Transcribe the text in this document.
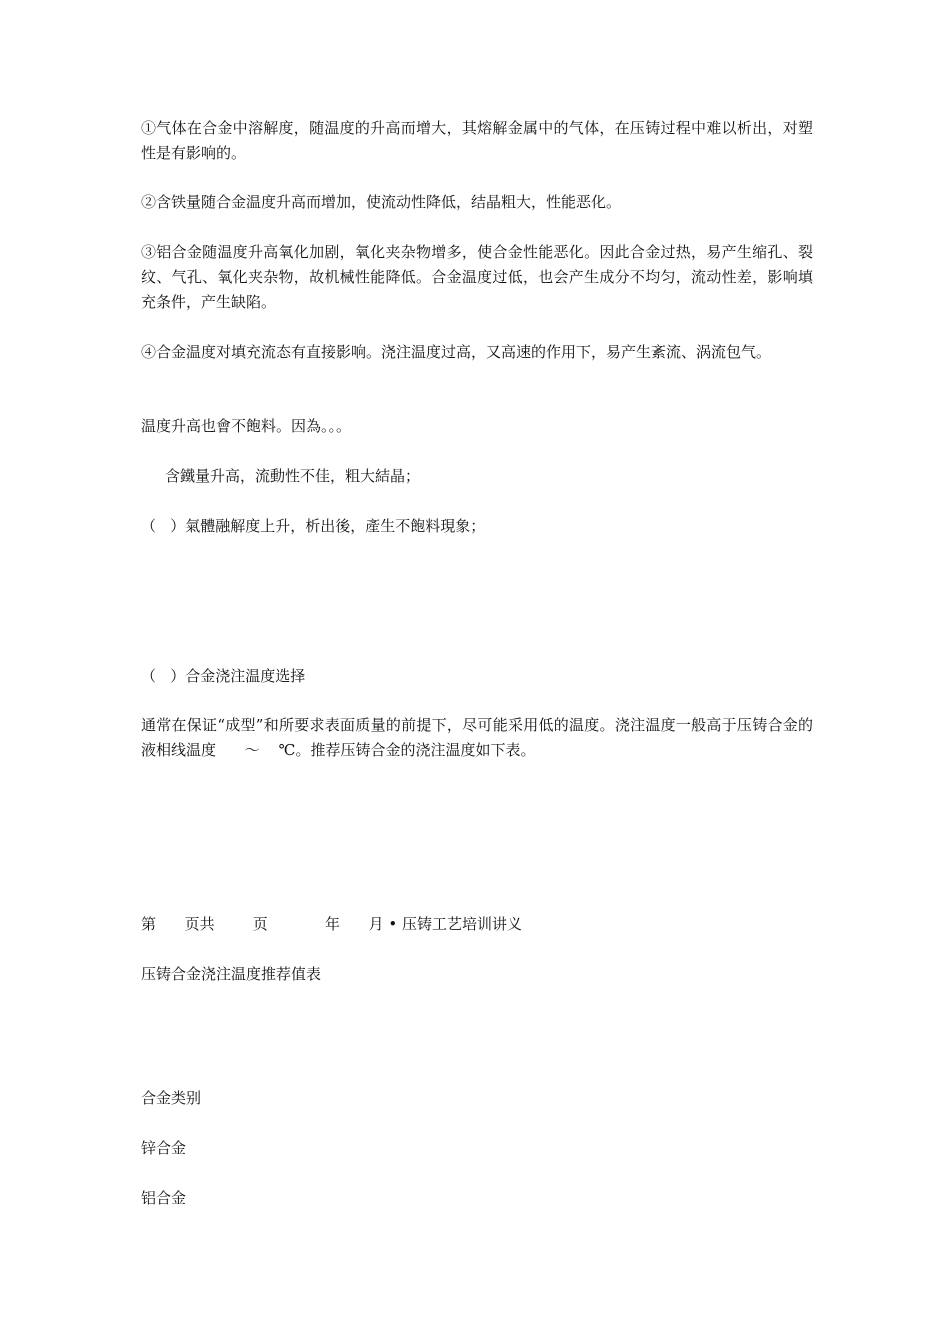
①气体在合金中溶解度，随温度的升高而增大，其熔解金属中的气体，在压铸过程中难以析出，对塑性是有影响的。

②含铁量随合金温度升高而增加，使流动性降低，结晶粗大，性能恶化。

③铝合金随温度升高氧化加剧，氧化夹杂物增多，使合金性能恶化。因此合金过热，易产生缩孔、裂纹、气孔、氧化夹杂物，故机械性能降低。合金温度过低，也会产生成分不均匀，流动性差，影响填充条件，产生缺陷。

④合金温度对填充流态有直接影响。浇注温度过高，又高速的作用下，易产生紊流、涡流包气。

温度升高也會不飽料。因為。。。

含鐵量升高，流動性不佳，粗大結晶；

（   ）氣體融解度上升，析出後，產生不飽料現象；

（   ）合金浇注温度选择

通常在保证“成型”和所要求表面质量的前提下，尽可能采用低的温度。浇注温度一般高于压铸合金的液相线温度      ～    ℃。推荐压铸合金的浇注温度如下表。

第      页共        页            年      月 • 压铸工艺培训讲义

压铸合金浇注温度推荐值表

合金类别

锌合金

铝合金
